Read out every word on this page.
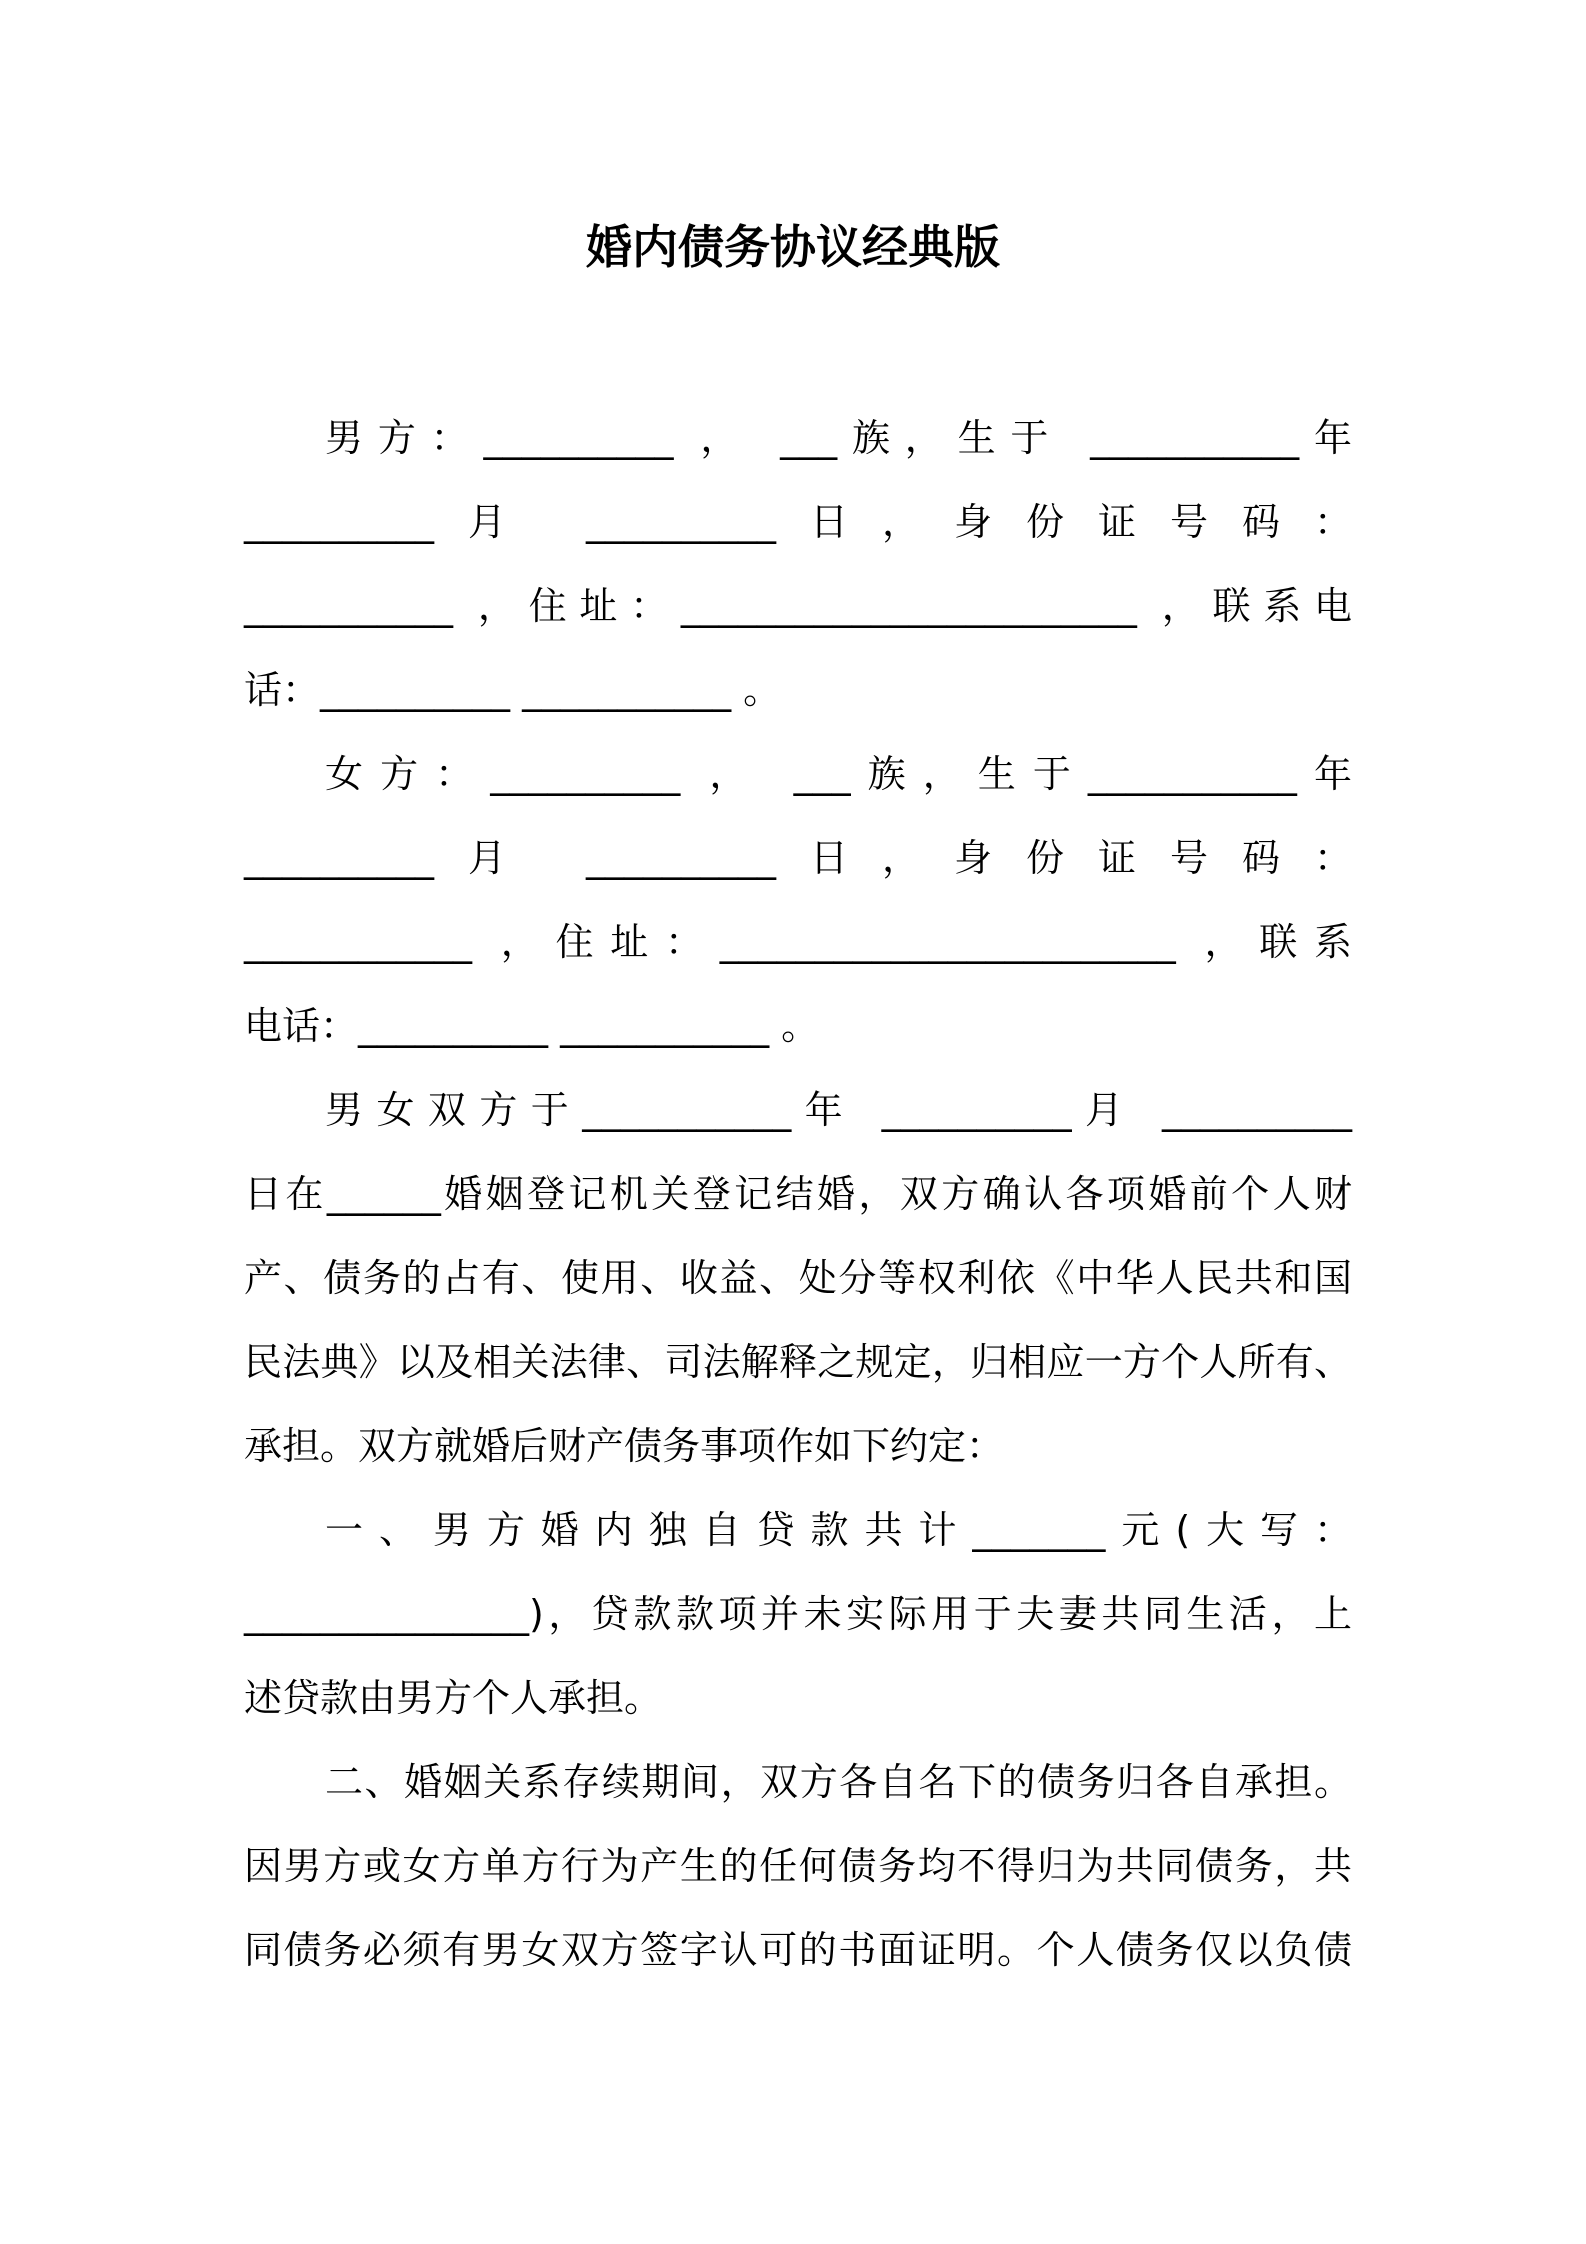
婚内债务协议经典版
男方：__________ ， ___族，生于 ___________年
__________月 __________日，身份证号码：
___________ ，住址：________________________ ，联系电
话：__________ ___________ 。
女方：__________ ， ___族，生于___________年
__________月 __________日，身份证号码：
____________ ，住址：________________________ ，联系
电话：__________ ___________ 。
男女双方于___________年 __________月 __________
日在______婚姻登记机关登记结婚，双方确认各项婚前个人财
产、债务的占有、使用、收益、处分等权利依《中华人民共和国
民法典》以及相关法律、司法解释之规定，归相应一方个人所有、
承担。双方就婚后财产债务事项作如下约定：
一、男方婚内独自贷款共计_______元(大写：
_______________)，贷款款项并未实际用于夫妻共同生活，上
述贷款由男方个人承担。
二、婚姻关系存续期间，双方各自名下的债务归各自承担。
因男方或女方单方行为产生的任何债务均不得归为共同债务，共
同债务必须有男女双方签字认可的书面证明。个人债务仅以负债
